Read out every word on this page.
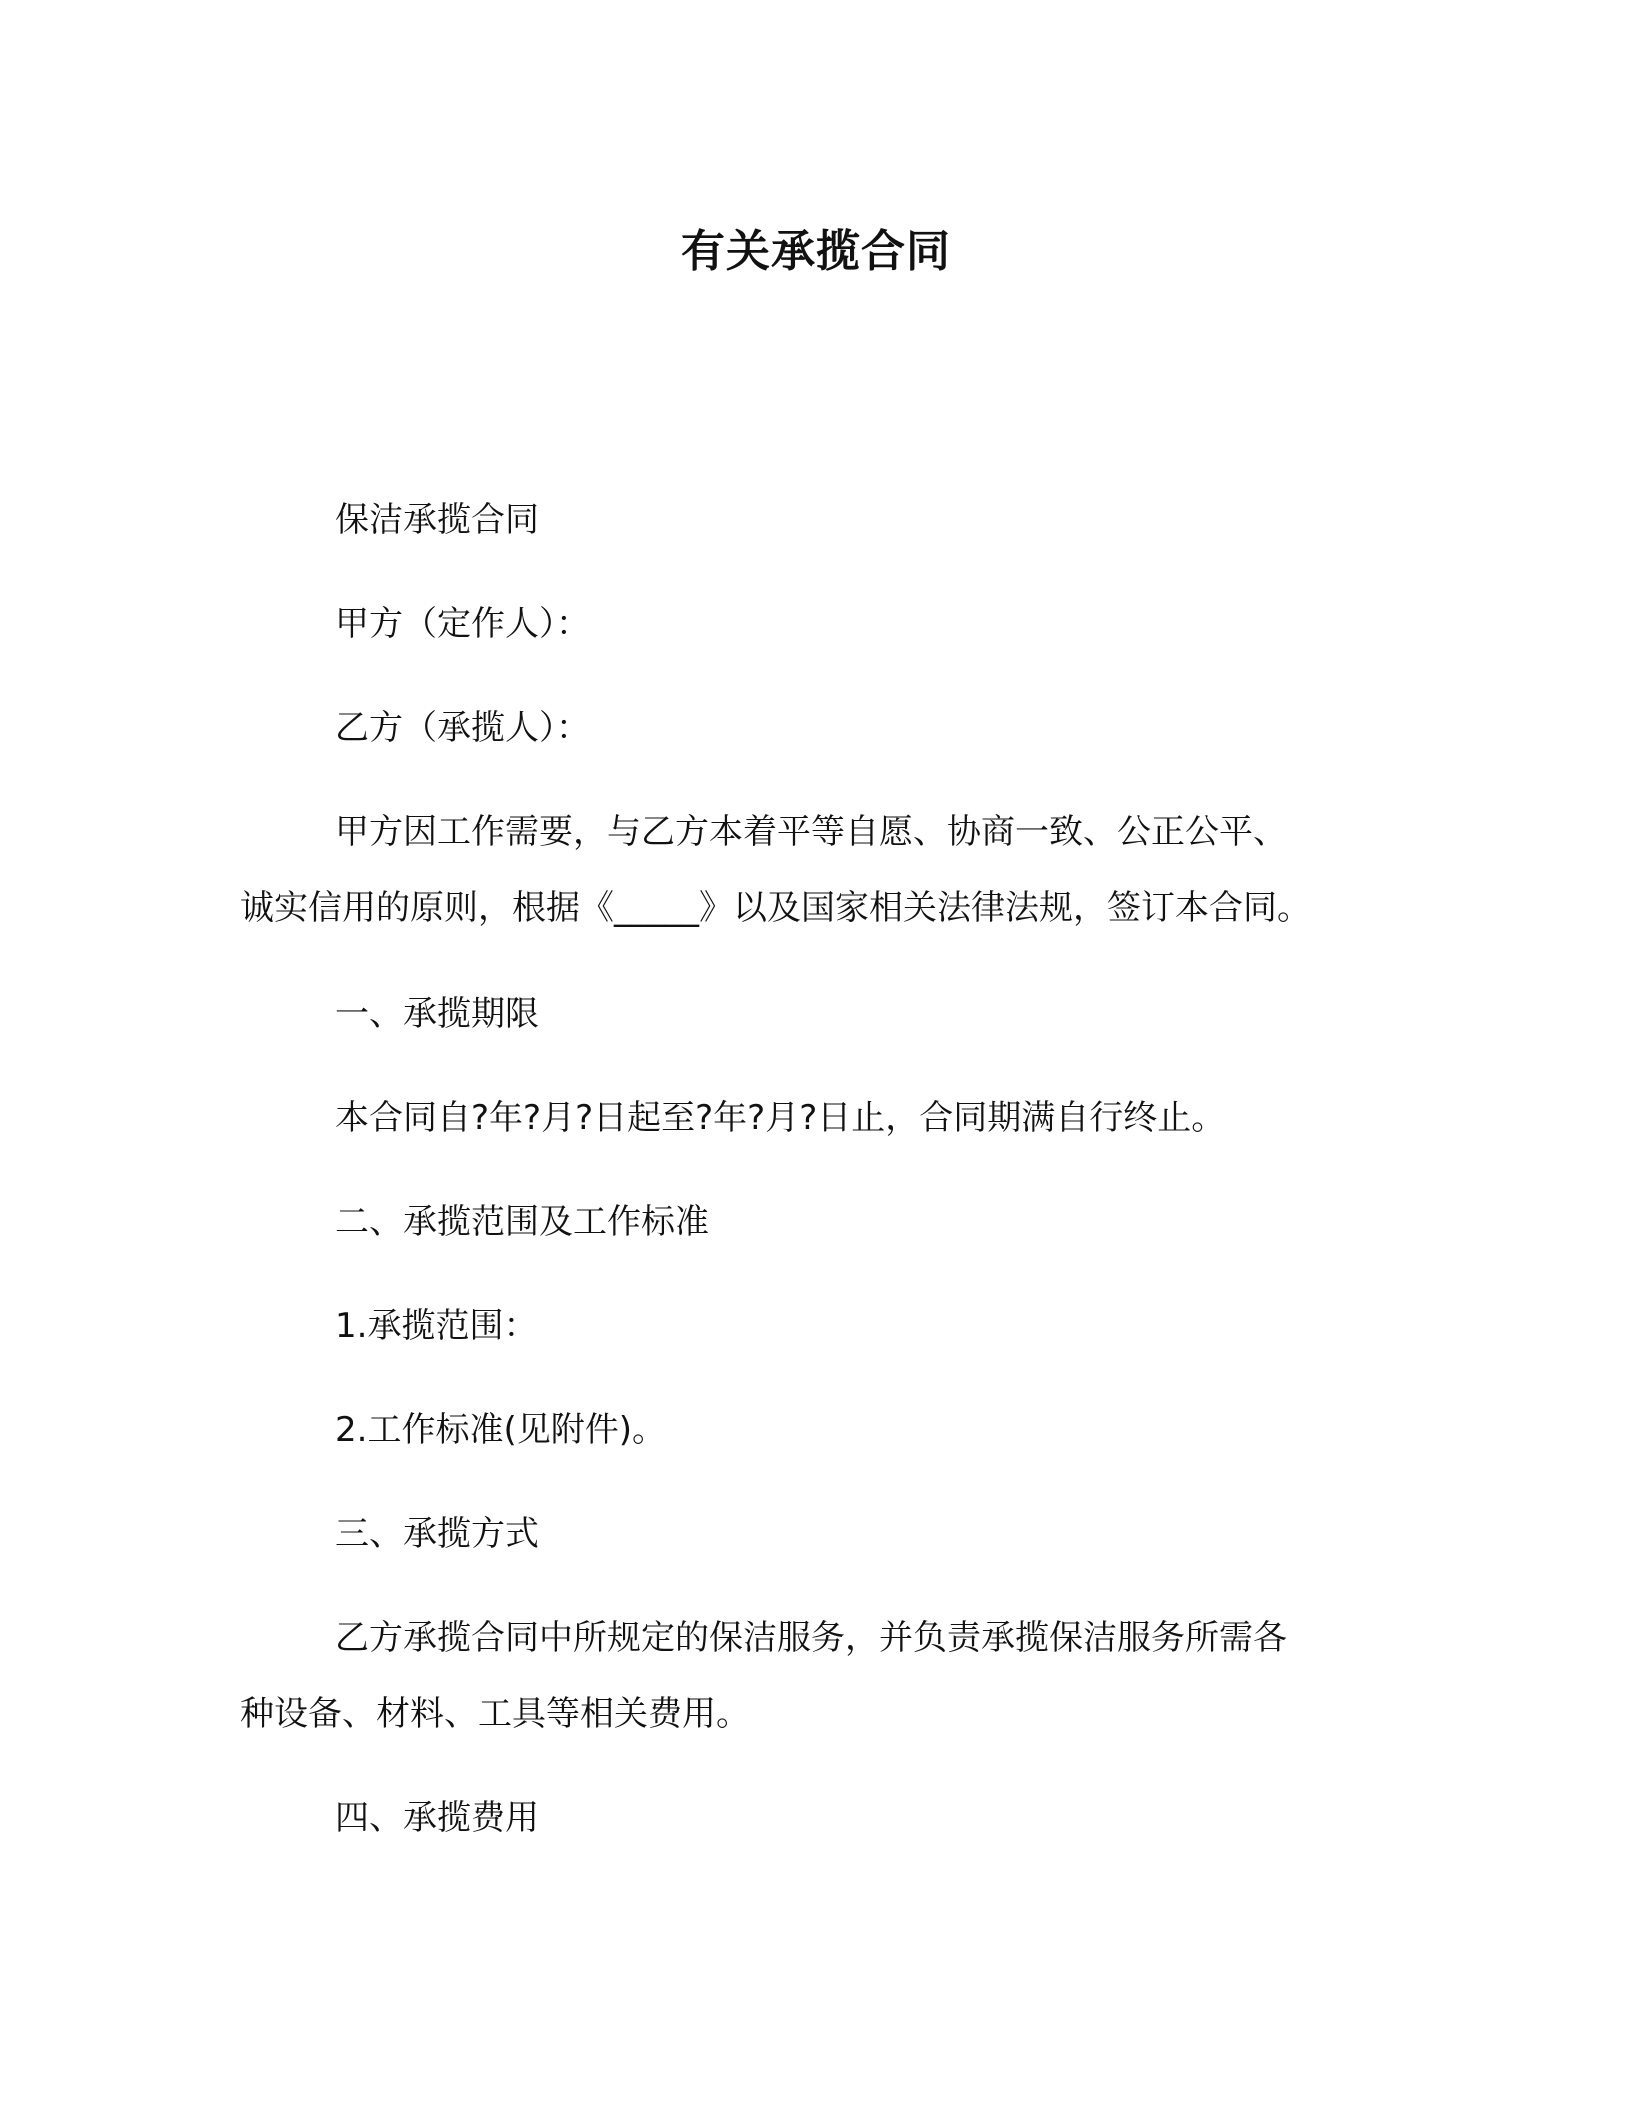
有关承揽合同
保洁承揽合同
甲方（定作人）：
乙方（承揽人）：
甲方因工作需要，与乙方本着平等自愿、协商一致、公正公平、
诚实信用的原则，根据《_____》以及国家相关法律法规，签订本合同。
一、承揽期限
本合同自?年?月?日起至?年?月?日止，合同期满自行终止。
二、承揽范围及工作标准
1.承揽范围：
2.工作标准(见附件)。
三、承揽方式
乙方承揽合同中所规定的保洁服务，并负责承揽保洁服务所需各
种设备、材料、工具等相关费用。
四、承揽费用
